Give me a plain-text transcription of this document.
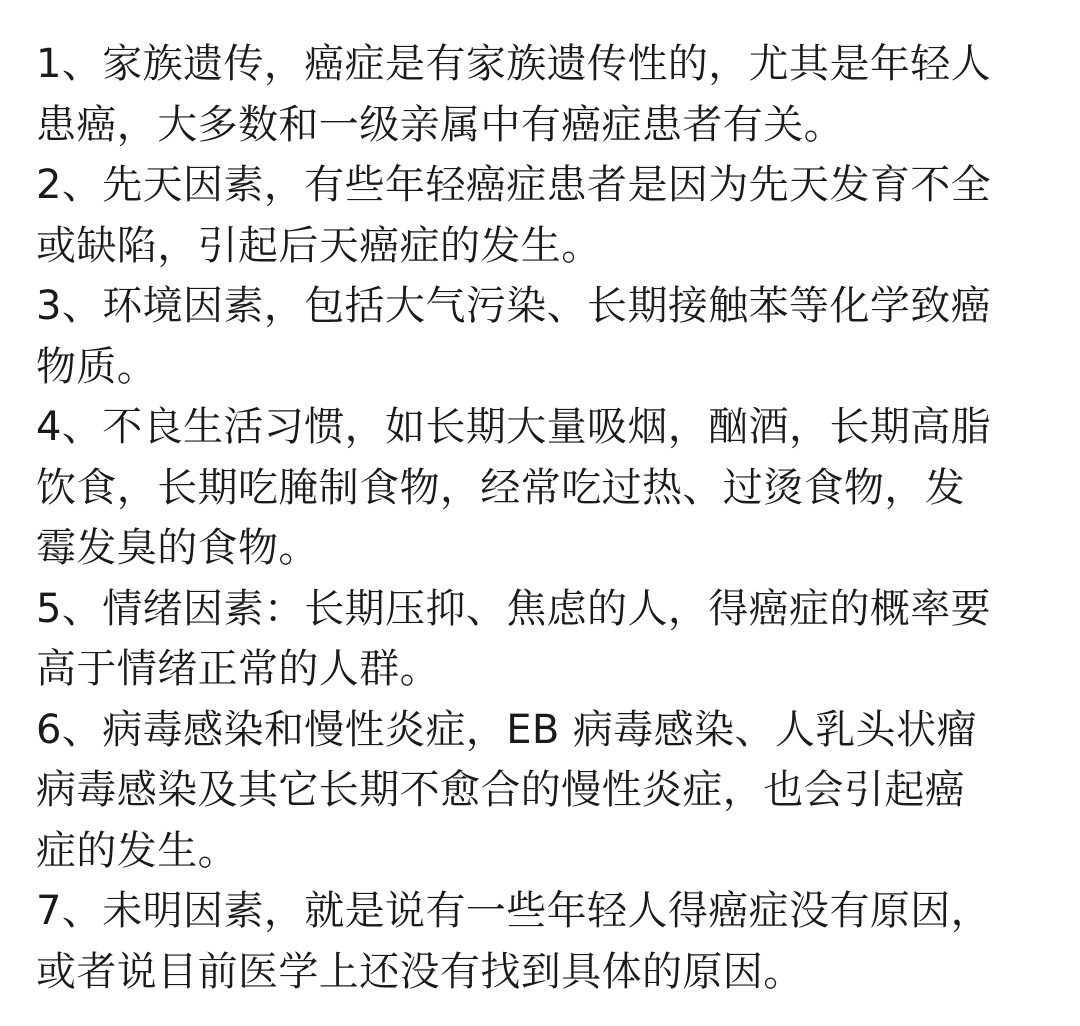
1、家族遗传，癌症是有家族遗传性的，尤其是年轻人
患癌，大多数和一级亲属中有癌症患者有关。
2、先天因素，有些年轻癌症患者是因为先天发育不全
或缺陷，引起后天癌症的发生。
3、环境因素，包括大气污染、长期接触苯等化学致癌
物质。
4、不良生活习惯，如长期大量吸烟，酗酒，长期高脂
饮食，长期吃腌制食物，经常吃过热、过烫食物，发
霉发臭的食物。
5、情绪因素：长期压抑、焦虑的人，得癌症的概率要
高于情绪正常的人群。
6、病毒感染和慢性炎症，EB 病毒感染、人乳头状瘤
病毒感染及其它长期不愈合的慢性炎症，也会引起癌
症的发生。
7、未明因素，就是说有一些年轻人得癌症没有原因，
或者说目前医学上还没有找到具体的原因。
